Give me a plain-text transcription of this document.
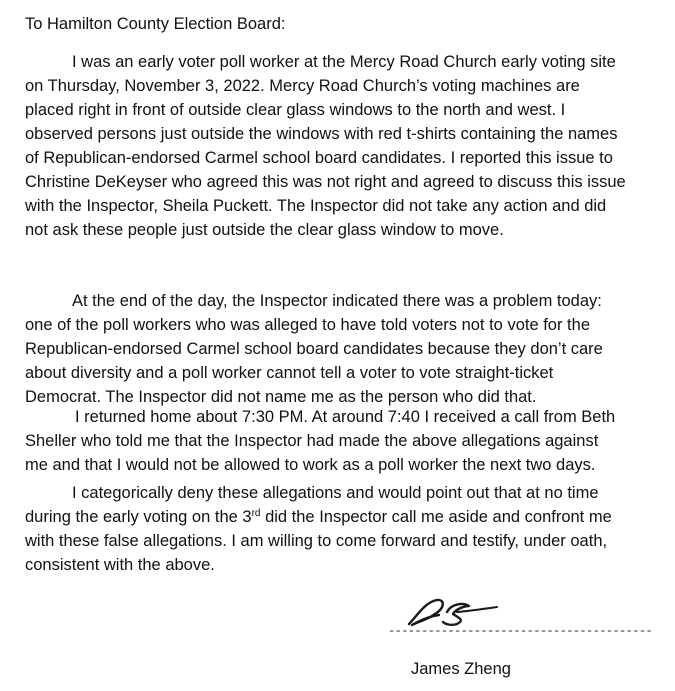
To Hamilton County Election Board:

I was an early voter poll worker at the Mercy Road Church early voting site
on Thursday, November 3, 2022. Mercy Road Church’s voting machines are
placed right in front of outside clear glass windows to the north and west. I
observed persons just outside the windows with red t-shirts containing the names
of Republican-endorsed Carmel school board candidates. I reported this issue to
Christine DeKeyser who agreed this was not right and agreed to discuss this issue
with the Inspector, Sheila Puckett. The Inspector did not take any action and did
not ask these people just outside the clear glass window to move.

At the end of the day, the Inspector indicated there was a problem today:
one of the poll workers who was alleged to have told voters not to vote for the
Republican-endorsed Carmel school board candidates because they don’t care
about diversity and a poll worker cannot tell a voter to vote straight-ticket
Democrat. The Inspector did not name me as the person who did that.

I returned home about 7:30 PM. At around 7:40 I received a call from Beth
Sheller who told me that the Inspector had made the above allegations against
me and that I would not be allowed to work as a poll worker the next two days.

I categorically deny these allegations and would point out that at no time
during the early voting on the 3rd did the Inspector call me aside and confront me
with these false allegations. I am willing to come forward and testify, under oath,
consistent with the above.

----------------------------------------

James Zheng
